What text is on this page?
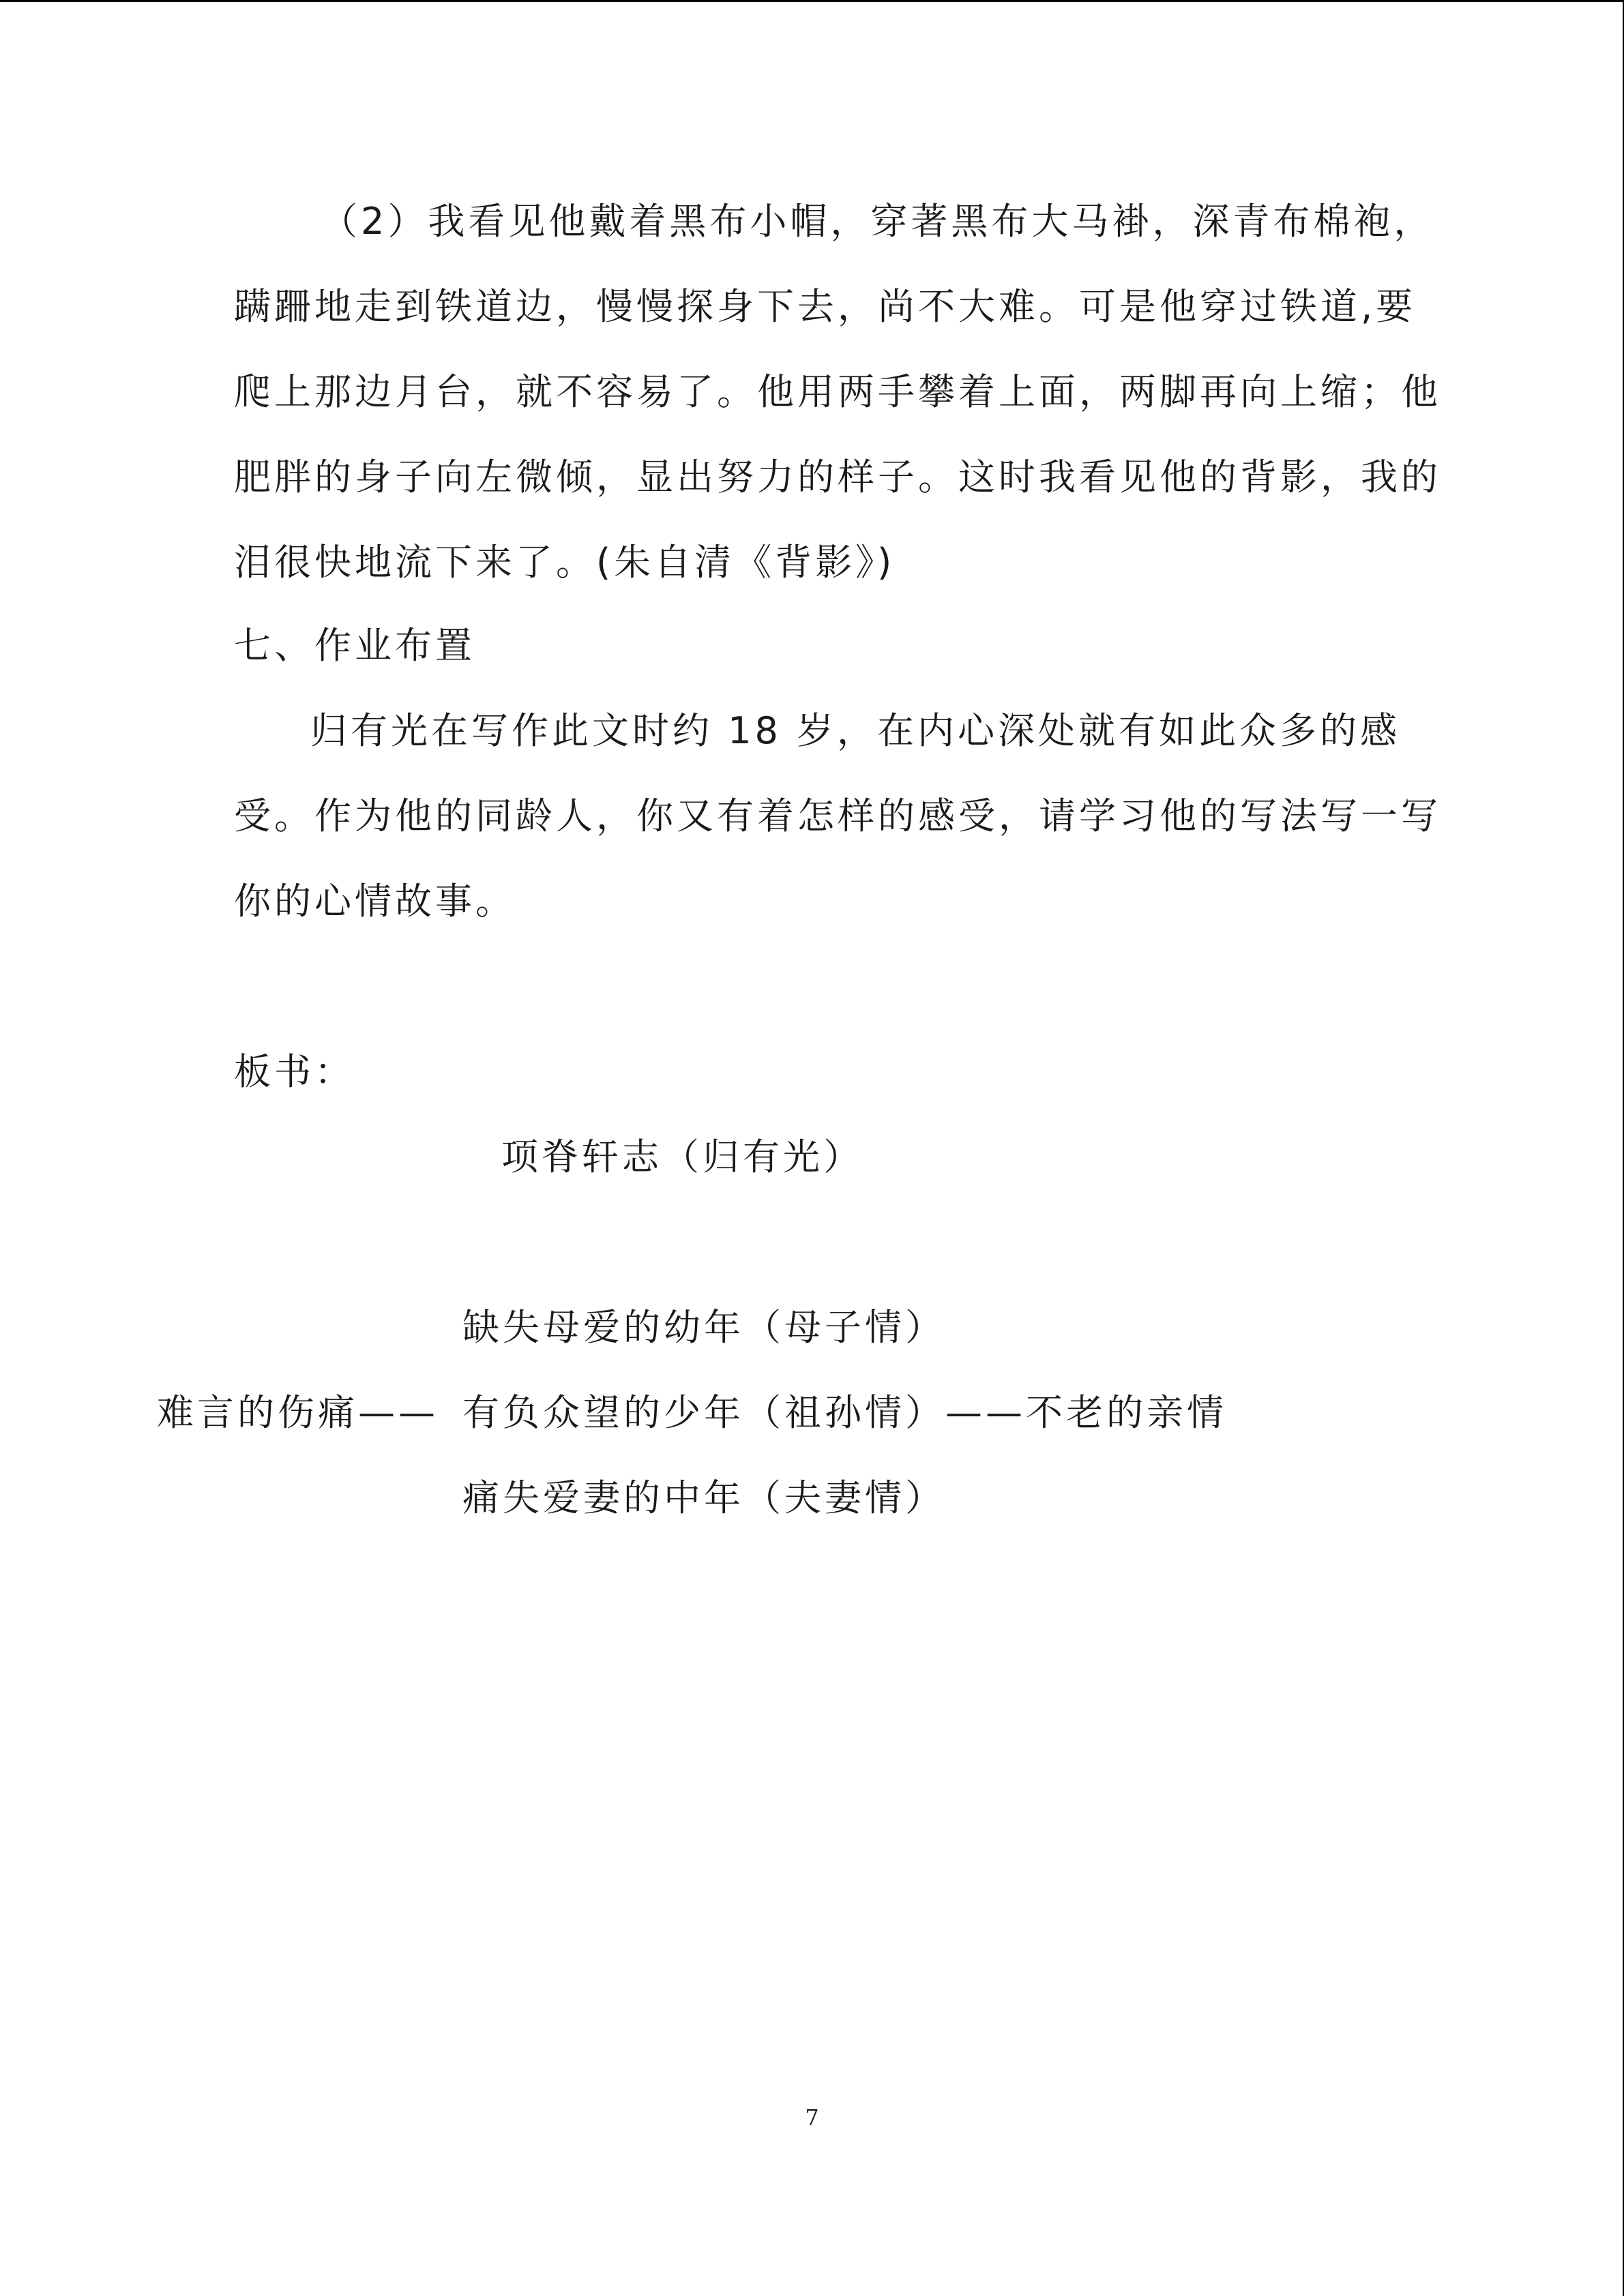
（2）我看见他戴着黑布小帽，穿著黑布大马褂，深青布棉袍，
蹒跚地走到铁道边，慢慢探身下去，尚不大难。可是他穿过铁道,要
爬上那边月台，就不容易了。他用两手攀着上面，两脚再向上缩；他
肥胖的身子向左微倾，显出努力的样子。这时我看见他的背影，我的
泪很快地流下来了。(朱自清《背影》)
七、作业布置
归有光在写作此文时约 18 岁，在内心深处就有如此众多的感
受。作为他的同龄人，你又有着怎样的感受，请学习他的写法写一写
你的心情故事。
板书：
项脊轩志（归有光）
缺失母爱的幼年（母子情）
难言的伤痛—— 有负众望的少年（祖孙情）——不老的亲情
痛失爱妻的中年（夫妻情）
7
